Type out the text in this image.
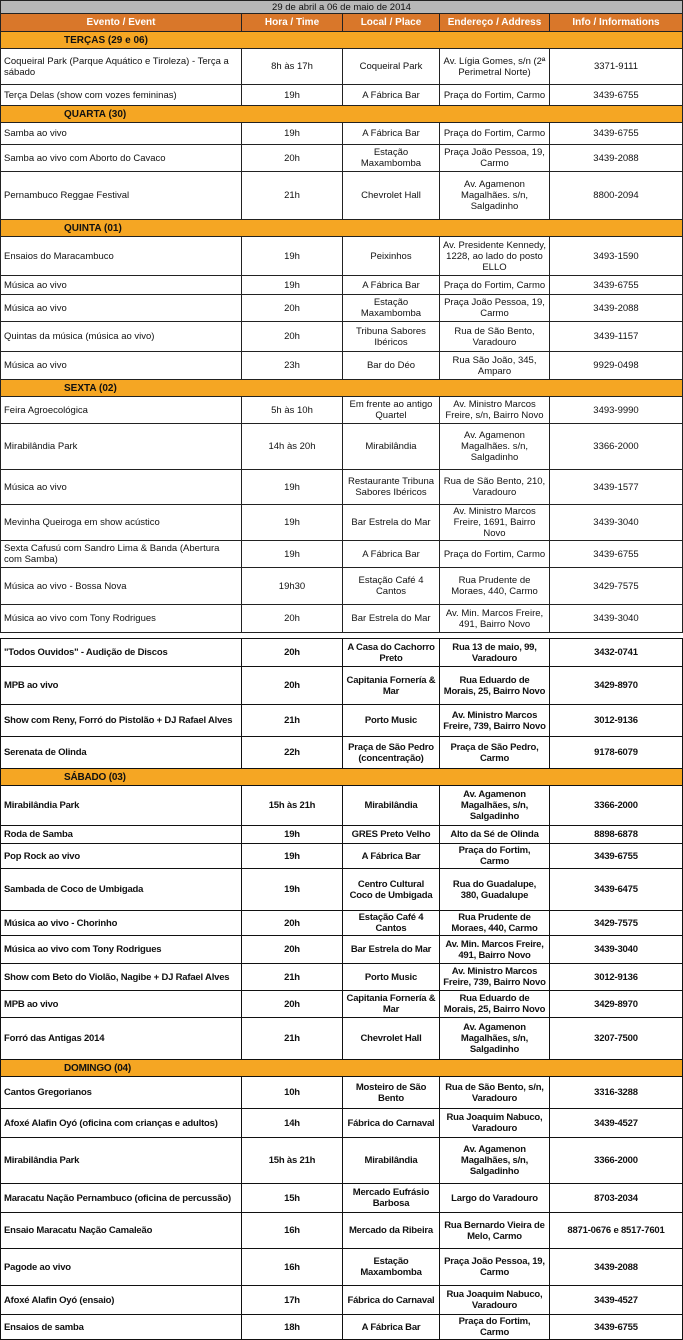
29 de abril a 06 de maio de 2014				
Evento / Event	Hora / Time	Local / Place	Endereço / Address	Info / Informations
TERÇAS (29 e 06)				
Coqueiral Park (Parque Aquático e Tiroleza) - Terça a sábado	8h às 17h	Coqueiral Park	Av. Lígia Gomes, s/n (2ª Perimetral Norte)	3371-9111
Terça Delas (show com vozes femininas)	19h	A Fábrica Bar	Praça do Fortim, Carmo	3439-6755
QUARTA (30)				
Samba ao vivo	19h	A Fábrica Bar	Praça do Fortim, Carmo	3439-6755
Samba ao vivo com Aborto do Cavaco	20h	Estação Maxambomba	Praça João Pessoa, 19, Carmo	3439-2088
Pernambuco Reggae Festival	21h	Chevrolet Hall	Av. Agamenon Magalhães. s/n, Salgadinho	8800-2094
QUINTA (01)				
Ensaios do Maracambuco	19h	Peixinhos	Av. Presidente Kennedy, 1228, ao lado do posto ELLO	3493-1590
Música ao vivo	19h	A Fábrica Bar	Praça do Fortim, Carmo	3439-6755
Música ao vivo	20h	Estação Maxambomba	Praça João Pessoa, 19, Carmo	3439-2088
Quintas da música (música ao vivo)	20h	Tribuna Sabores Ibéricos	Rua de São Bento, Varadouro	3439-1157
Música ao vivo	23h	Bar do Déo	Rua São João, 345, Amparo	9929-0498
SEXTA (02)				
Feira Agroecológica	5h às 10h	Em frente ao antigo Quartel	Av. Ministro Marcos Freire, s/n, Bairro Novo	3493-9990
Mirabilândia Park	14h às 20h	Mirabilândia	Av. Agamenon Magalhães. s/n, Salgadinho	3366-2000
Música ao vivo	19h	Restaurante Tribuna Sabores Ibéricos	Rua de São Bento, 210, Varadouro	3439-1577
Mevinha Queiroga em show acústico	19h	Bar Estrela do Mar	Av. Ministro Marcos Freire, 1691, Bairro Novo	3439-3040
Sexta Cafusú com Sandro Lima & Banda (Abertura com Samba)	19h	A Fábrica Bar	Praça do Fortim, Carmo	3439-6755
Música ao vivo - Bossa Nova	19h30	Estação Café 4 Cantos	Rua Prudente de Moraes, 440, Carmo	3429-7575
Música ao vivo com Tony Rodrigues	20h	Bar Estrela do Mar	Av. Min. Marcos Freire, 491, Bairro Novo	3439-3040
"Todos Ouvidos" - Audição de Discos	20h	A Casa do Cachorro Preto	Rua 13 de maio, 99, Varadouro	3432-0741
MPB ao vivo	20h	Capitania Fornería & Mar	Rua Eduardo de Morais, 25, Bairro Novo	3429-8970
Show com Reny, Forró do Pistolão + DJ Rafael Alves	21h	Porto Music	Av. Ministro Marcos Freire, 739, Bairro Novo	3012-9136
Serenata de Olinda	22h	Praça de São Pedro (concentração)	Praça de São Pedro, Carmo	9178-6079
SÁBADO (03)				
Mirabilândia Park	15h às 21h	Mirabilândia	Av. Agamenon Magalhães, s/n, Salgadinho	3366-2000
Roda de Samba	19h	GRES Preto Velho	Alto da Sé de Olinda	8898-6878
Pop Rock ao vivo	19h	A Fábrica Bar	Praça do Fortim, Carmo	3439-6755
Sambada de Coco de Umbigada	19h	Centro Cultural Coco de Umbigada	Rua do Guadalupe, 380, Guadalupe	3439-6475
Música ao vivo - Chorinho	20h	Estação Café 4 Cantos	Rua Prudente de Moraes, 440, Carmo	3429-7575
Música ao vivo com Tony Rodrigues	20h	Bar Estrela do Mar	Av. Min. Marcos Freire, 491, Bairro Novo	3439-3040
Show com Beto do Violão, Nagibe + DJ Rafael Alves	21h	Porto Music	Av. Ministro Marcos Freire, 739, Bairro Novo	3012-9136
MPB ao vivo	20h	Capitania Fornería & Mar	Rua Eduardo de Morais, 25, Bairro Novo	3429-8970
Forró das Antigas 2014	21h	Chevrolet Hall	Av. Agamenon Magalhães, s/n, Salgadinho	3207-7500
DOMINGO (04)				
Cantos Gregorianos	10h	Mosteiro de São Bento	Rua de São Bento, s/n, Varadouro	3316-3288
Afoxé Alafin Oyó (oficina com crianças e adultos)	14h	Fábrica do Carnaval	Rua Joaquim Nabuco, Varadouro	3439-4527
Mirabilândia Park	15h às 21h	Mirabilândia	Av. Agamenon Magalhães, s/n, Salgadinho	3366-2000
Maracatu Nação Pernambuco (oficina de percussão)	15h	Mercado Eufrásio Barbosa	Largo do Varadouro	8703-2034
Ensaio Maracatu Nação Camaleão	16h	Mercado da Ribeira	Rua Bernardo Vieira de Melo, Carmo	8871-0676 e 8517-7601
Pagode ao vivo	16h	Estação Maxambomba	Praça João Pessoa, 19, Carmo	3439-2088
Afoxé Alafin Oyó (ensaio)	17h	Fábrica do Carnaval	Rua Joaquim Nabuco, Varadouro	3439-4527
Ensaios de samba	18h	A Fábrica Bar	Praça do Fortim, Carmo	3439-6755
